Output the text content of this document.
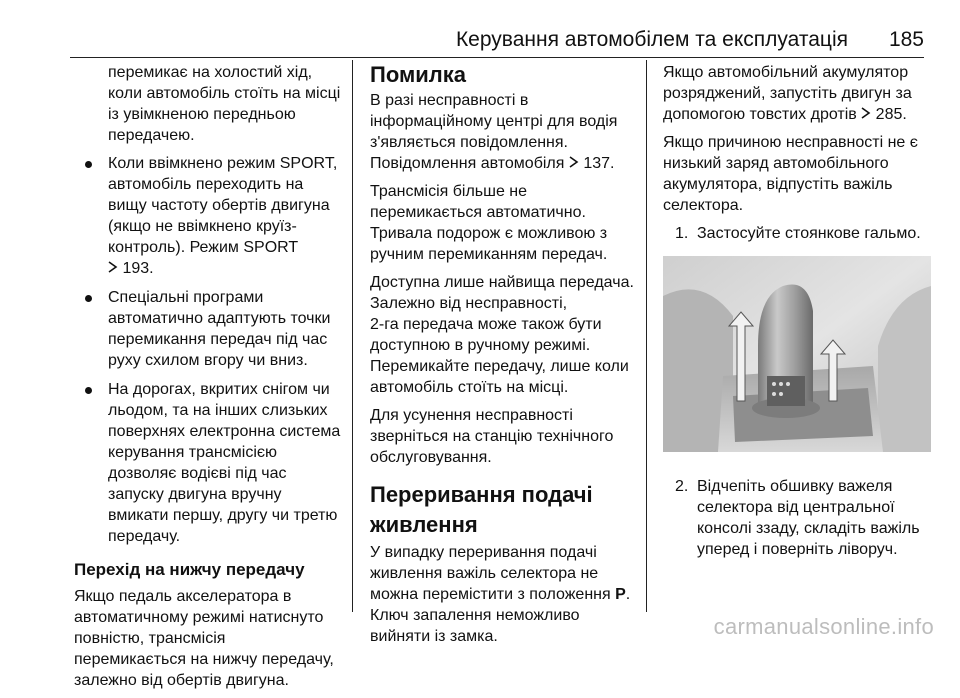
Керування автомобілем та експлуатація 185

перемикає на холостий хід,
коли автомобіль стоїть на місці
із увімкненою передньою
передачею.

Коли ввімкнено режим SPORT,
автомобіль переходить на
вищу частоту обертів двигуна
(якщо не ввімкнено круїз-
контроль). Режим SPORT
193.
Спеціальні програми
автоматично адаптують точки
перемикання передач під час
руху схилом вгору чи вниз.
На дорогах, вкритих снігом чи
льодом, та на інших слизьких
поверхнях електронна система
керування трансмісією
дозволяє водієві під час
запуску двигуна вручну
вмикати першу, другу чи третю
передачу.
Перехід на нижчу передачу

Якщо педаль акселератора в
автоматичному режимі натиснуто
повністю, трансмісія
перемикається на нижчу передачу,
залежно від обертів двигуна.

Помилка

В разі несправності в
інформаційному центрі для водія
з'являється повідомлення.
Повідомлення автомобіля 137.

Трансмісія більше не
перемикається автоматично.
Тривала подорож є можливою з
ручним перемиканням передач.

Доступна лише найвища передача.
Залежно від несправності,
2-га передача може також бути
доступною в ручному режимі.
Перемикайте передачу, лише коли
автомобіль стоїть на місці.

Для усунення несправності
зверніться на станцію технічного
обслуговування.

Переривання подачі
живлення

У випадку переривання подачі
живлення важіль селектора не
можна перемістити з положення P.
Ключ запалення неможливо
вийняти із замка.

Якщо автомобільний акумулятор
розряджений, запустіть двигун за
допомогою товстих дротів 285.

Якщо причиною несправності не є
низький заряд автомобільного
акумулятора, відпустіть важіль
селектора.

1. Застосуйте стоянкове гальмо.
2. Відчепіть обшивку важеля
селектора від центральної
консолі ззаду, складіть важіль
уперед і поверніть ліворуч.
carmanualsonline.info
